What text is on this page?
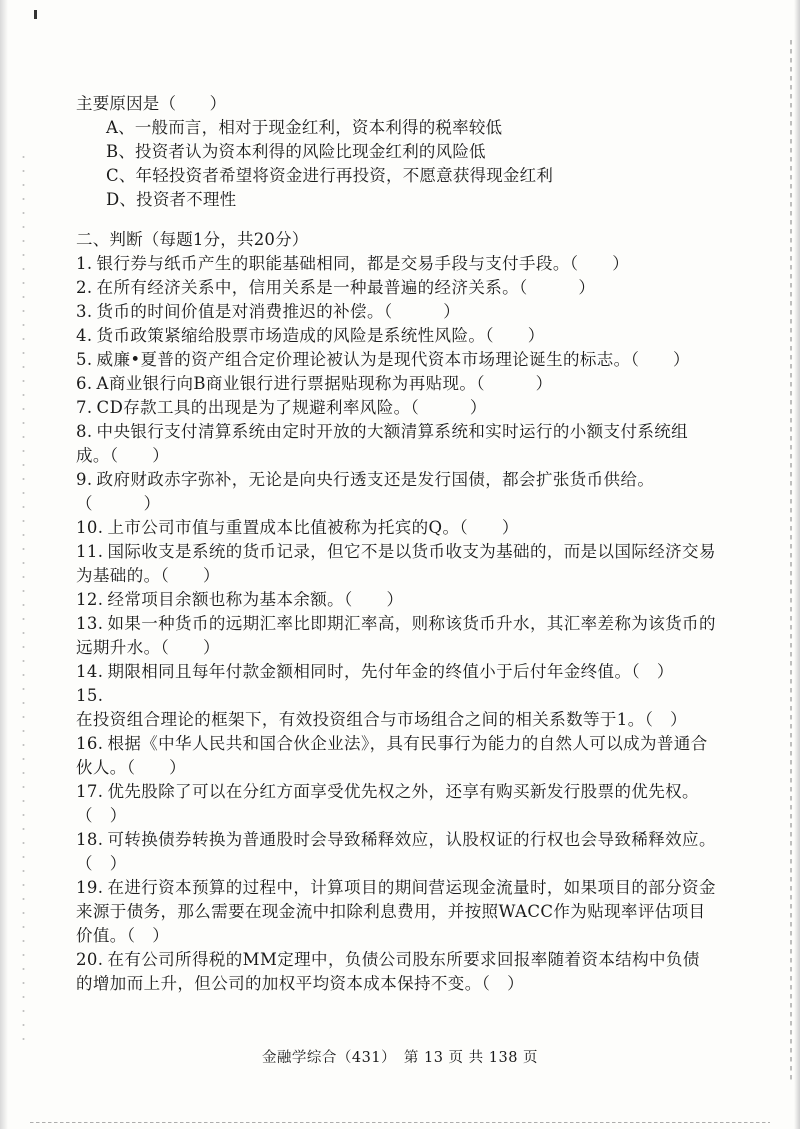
主要原因是（　　）
A、一般而言，相对于现金红利，资本利得的税率较低
B、投资者认为资本利得的风险比现金红利的风险低
C、年轻投资者希望将资金进行再投资，不愿意获得现金红利
D、投资者不理性
二、判断（每题1分，共20分）
1. 银行券与纸币产生的职能基础相同，都是交易手段与支付手段。（　　）
2. 在所有经济关系中，信用关系是一种最普遍的经济关系。（　　　）
3. 货币的时间价值是对消费推迟的补偿。（　　　）
4. 货币政策紧缩给股票市场造成的风险是系统性风险。（　　）
5. 威廉•夏普的资产组合定价理论被认为是现代资本市场理论诞生的标志。（　　）
6. A商业银行向B商业银行进行票据贴现称为再贴现。（　　　）
7. CD存款工具的出现是为了规避利率风险。（　　　）
8. 中央银行支付清算系统由定时开放的大额清算系统和实时运行的小额支付系统组成。（　　）
9. 政府财政赤字弥补，无论是向央行透支还是发行国债，都会扩张货币供给。（　　　）
10. 上市公司市值与重置成本比值被称为托宾的Q。（　　）
11. 国际收支是系统的货币记录，但它不是以货币收支为基础的，而是以国际经济交易为基础的。（　　）
12. 经常项目余额也称为基本余额。（　　）
13. 如果一种货币的远期汇率比即期汇率高，则称该货币升水，其汇率差称为该货币的远期升水。（　　）
14. 期限相同且每年付款金额相同时，先付年金的终值小于后付年金终值。（　）
15.在投资组合理论的框架下，有效投资组合与市场组合之间的相关系数等于1。（　）
16. 根据《中华人民共和国合伙企业法》，具有民事行为能力的自然人可以成为普通合伙人。（　　）
17. 优先股除了可以在分红方面享受优先权之外，还享有购买新发行股票的优先权。（　）
18. 可转换债券转换为普通股时会导致稀释效应，认股权证的行权也会导致稀释效应。（　）
19. 在进行资本预算的过程中，计算项目的期间营运现金流量时，如果项目的部分资金来源于债务，那么需要在现金流中扣除利息费用，并按照WACC作为贴现率评估项目价值。（　）
20. 在有公司所得税的MM定理中，负债公司股东所要求回报率随着资本结构中负债的增加而上升，但公司的加权平均资本成本保持不变。（　）
金融学综合（431）　第 13 页 共 138 页
